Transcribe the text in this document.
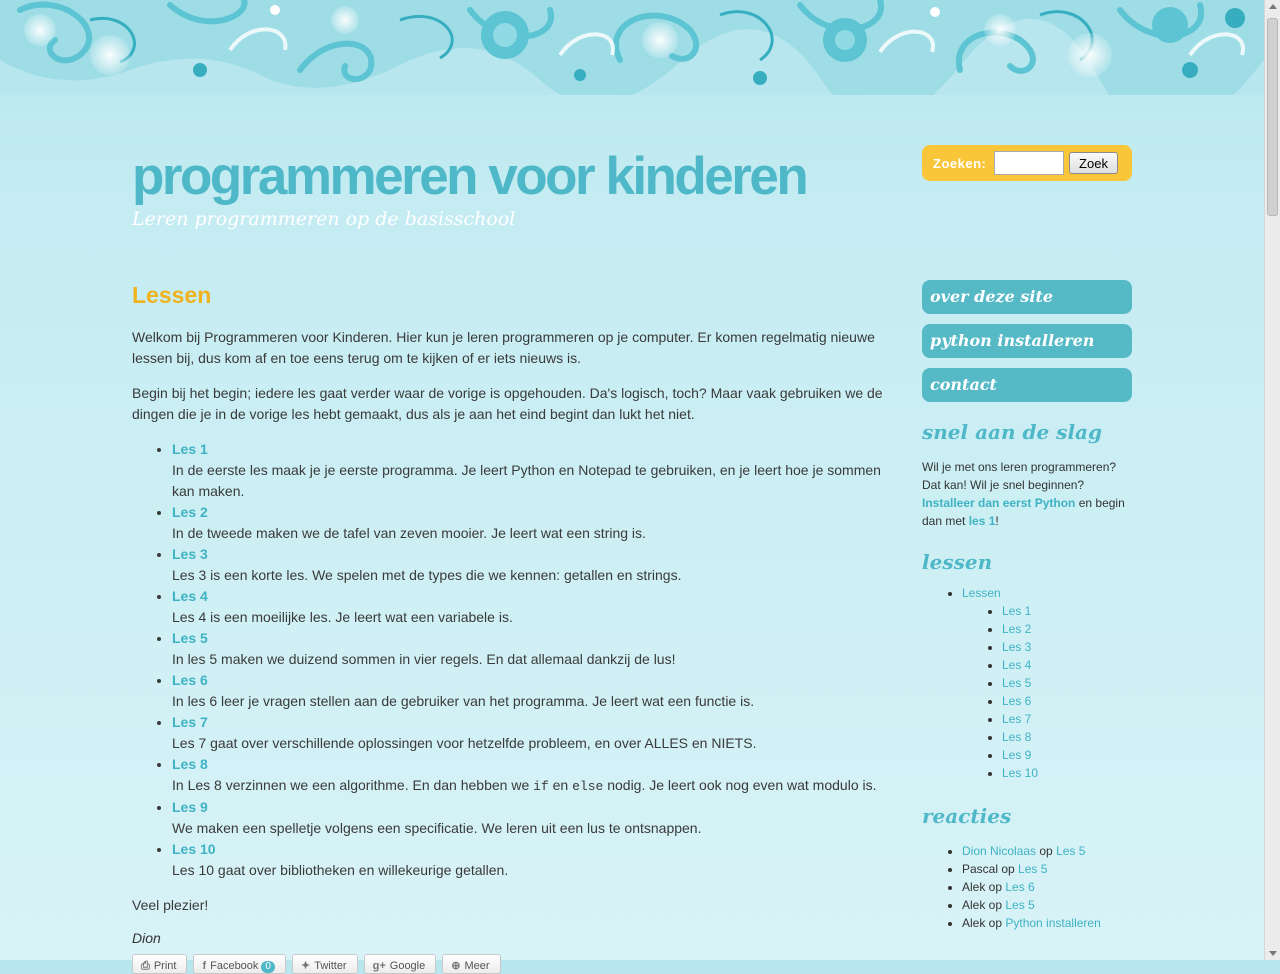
programmeren voor kinderen

Leren programmeren op de basisschool

Zoeken:	Zoek
Lessen

Welkom bij Programmeren voor Kinderen. Hier kun je leren programmeren op je computer. Er komen regelmatig nieuwe lessen bij, dus kom af en toe eens terug om te kijken of er iets nieuws is.

Begin bij het begin; iedere les gaat verder waar de vorige is opgehouden. Da's logisch, toch? Maar vaak gebruiken we de dingen die je in de vorige les hebt gemaakt, dus als je aan het eind begint dan lukt het niet.

• Les 1
In de eerste les maak je je eerste programma. Je leert Python en Notepad te gebruiken, en je leert hoe je sommen kan maken.
• Les 2
In de tweede maken we de tafel van zeven mooier. Je leert wat een string is.
• Les 3
Les 3 is een korte les. We spelen met de types die we kennen: getallen en strings.
• Les 4
Les 4 is een moeilijke les. Je leert wat een variabele is.
• Les 5
In les 5 maken we duizend sommen in vier regels. En dat allemaal dankzij de lus!
• Les 6
In les 6 leer je vragen stellen aan de gebruiker van het programma. Je leert wat een functie is.
• Les 7
Les 7 gaat over verschillende oplossingen voor hetzelfde probleem, en over ALLES en NIETS.
• Les 8
In Les 8 verzinnen we een algorithme. En dan hebben we if en else nodig. Je leert ook nog even wat modulo is.
• Les 9
We maken een spelletje volgens een specificatie. We leren uit een lus te ontsnappen.
• Les 10
Les 10 gaat over bibliotheken en willekeurige getallen.

Veel plezier!

Dion

⎙ Print f Facebook 0	✦ Twitter g+ Google ⊕ Meer
over deze site
python installeren
contact
snel aan de slag

Wil je met ons leren programmeren? Dat kan! Wil je snel beginnen? Installeer dan eerst Python en begin dan met les 1!

lessen
• Lessen
• Les 1
• Les 2
• Les 3
• Les 4
• Les 5
• Les 6
• Les 7
• Les 8
• Les 9
• Les 10
reacties
• Dion Nicolaas op Les 5
• Pascal op Les 5
• Alek op Les 6
• Alek op Les 5
• Alek op Python installeren
